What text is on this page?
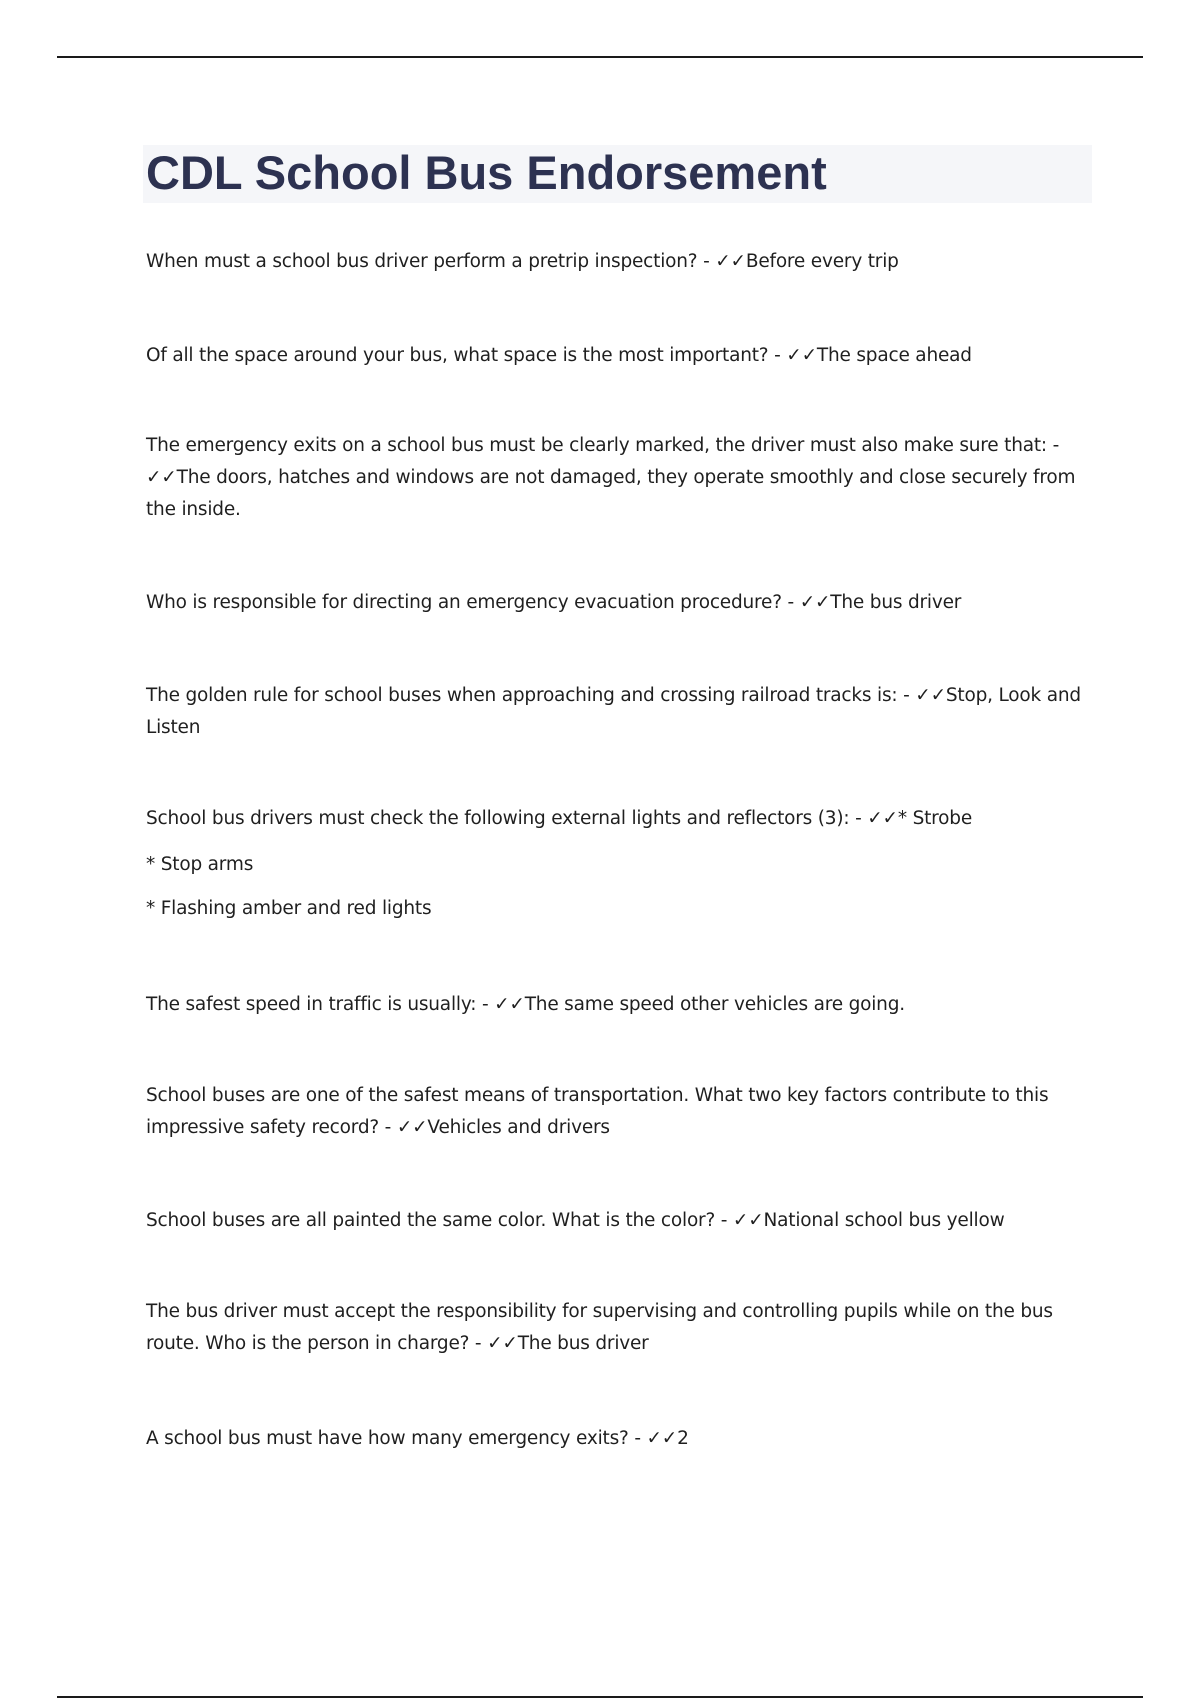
CDL School Bus Endorsement

When must a school bus driver perform a pretrip inspection? - ✓✓Before every trip

Of all the space around your bus, what space is the most important? - ✓✓The space ahead

The emergency exits on a school bus must be clearly marked, the driver must also make sure that: - ✓✓The doors, hatches and windows are not damaged, they operate smoothly and close securely from the inside.

Who is responsible for directing an emergency evacuation procedure? - ✓✓The bus driver

The golden rule for school buses when approaching and crossing railroad tracks is: - ✓✓Stop, Look and Listen

School bus drivers must check the following external lights and reflectors (3): - ✓✓* Strobe

* Stop arms

* Flashing amber and red lights

The safest speed in traffic is usually: - ✓✓The same speed other vehicles are going.

School buses are one of the safest means of transportation. What two key factors contribute to this impressive safety record? - ✓✓Vehicles and drivers

School buses are all painted the same color. What is the color? - ✓✓National school bus yellow

The bus driver must accept the responsibility for supervising and controlling pupils while on the bus route. Who is the person in charge? - ✓✓The bus driver

A school bus must have how many emergency exits? - ✓✓2
